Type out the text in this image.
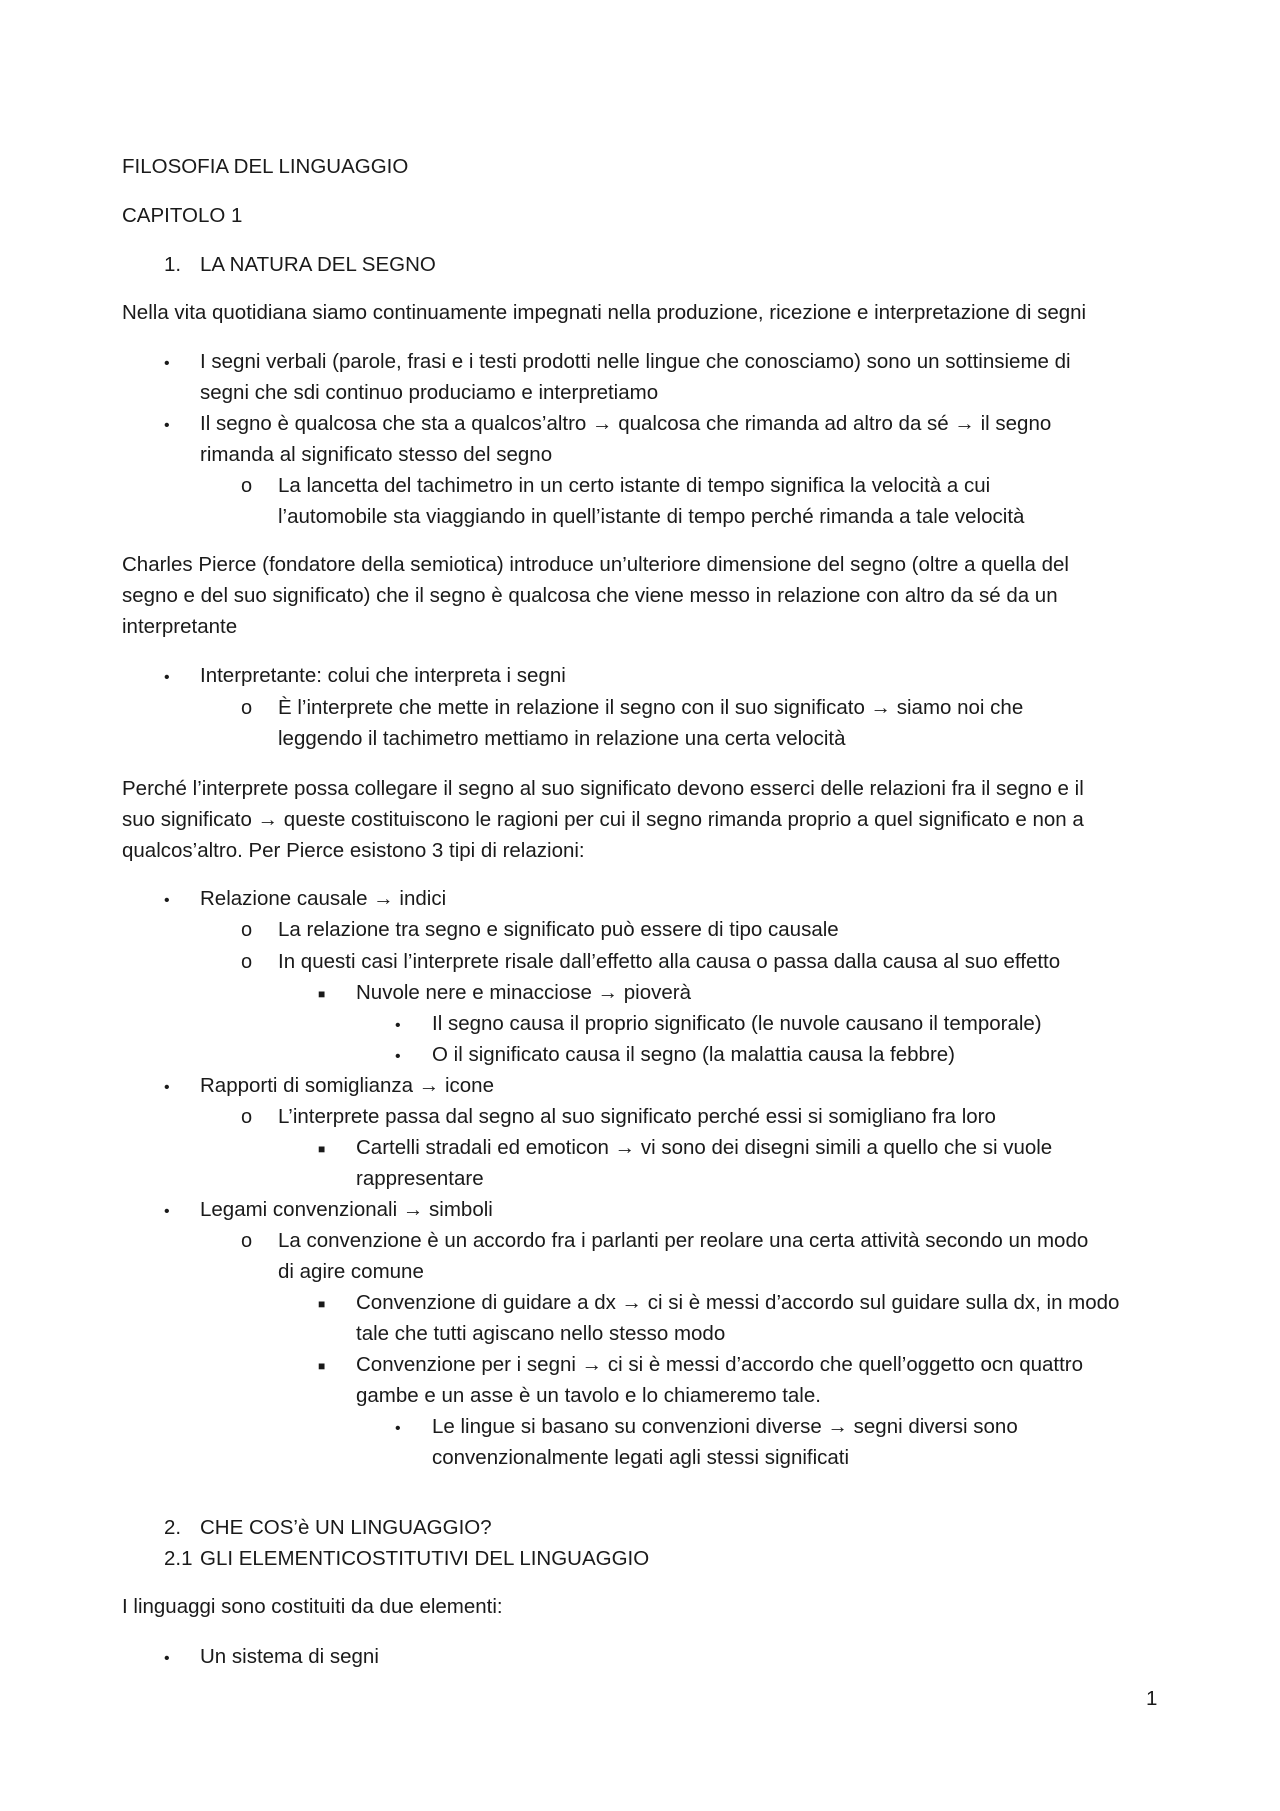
FILOSOFIA DEL LINGUAGGIO
CAPITOLO 1
1. LA NATURA DEL SEGNO
Nella vita quotidiana siamo continuamente impegnati nella produzione, ricezione e interpretazione di segni
• I segni verbali (parole, frasi e i testi prodotti nelle lingue che conosciamo) sono un sottinsieme di
segni che sdi continuo produciamo e interpretiamo
• Il segno è qualcosa che sta a qualcos’altro → qualcosa che rimanda ad altro da sé → il segno
rimanda al significato stesso del segno
o La lancetta del tachimetro in un certo istante di tempo significa la velocità a cui
l’automobile sta viaggiando in quell’istante di tempo perché rimanda a tale velocità
Charles Pierce (fondatore della semiotica) introduce un’ulteriore dimensione del segno (oltre a quella del
segno e del suo significato) che il segno è qualcosa che viene messo in relazione con altro da sé da un
interpretante
• Interpretante: colui che interpreta i segni
o È l’interprete che mette in relazione il segno con il suo significato → siamo noi che
leggendo il tachimetro mettiamo in relazione una certa velocità
Perché l’interprete possa collegare il segno al suo significato devono esserci delle relazioni fra il segno e il
suo significato → queste costituiscono le ragioni per cui il segno rimanda proprio a quel significato e non a
qualcos’altro. Per Pierce esistono 3 tipi di relazioni:
• Relazione causale → indici
o La relazione tra segno e significato può essere di tipo causale
o In questi casi l’interprete risale dall’effetto alla causa o passa dalla causa al suo effetto
■ Nuvole nere e minacciose → pioverà
• Il segno causa il proprio significato (le nuvole causano il temporale)
• O il significato causa il segno (la malattia causa la febbre)
• Rapporti di somiglianza → icone
o L’interprete passa dal segno al suo significato perché essi si somigliano fra loro
■ Cartelli stradali ed emoticon → vi sono dei disegni simili a quello che si vuole
rappresentare
• Legami convenzionali → simboli
o La convenzione è un accordo fra i parlanti per reolare una certa attività secondo un modo
di agire comune
■ Convenzione di guidare a dx → ci si è messi d’accordo sul guidare sulla dx, in modo
tale che tutti agiscano nello stesso modo
■ Convenzione per i segni → ci si è messi d’accordo che quell’oggetto ocn quattro
gambe e un asse è un tavolo e lo chiameremo tale.
• Le lingue si basano su convenzioni diverse → segni diversi sono
convenzionalmente legati agli stessi significati
2. CHE COS’è UN LINGUAGGIO?
2.1 GLI ELEMENTICOSTITUTIVI DEL LINGUAGGIO
I linguaggi sono costituiti da due elementi:
• Un sistema di segni
1
